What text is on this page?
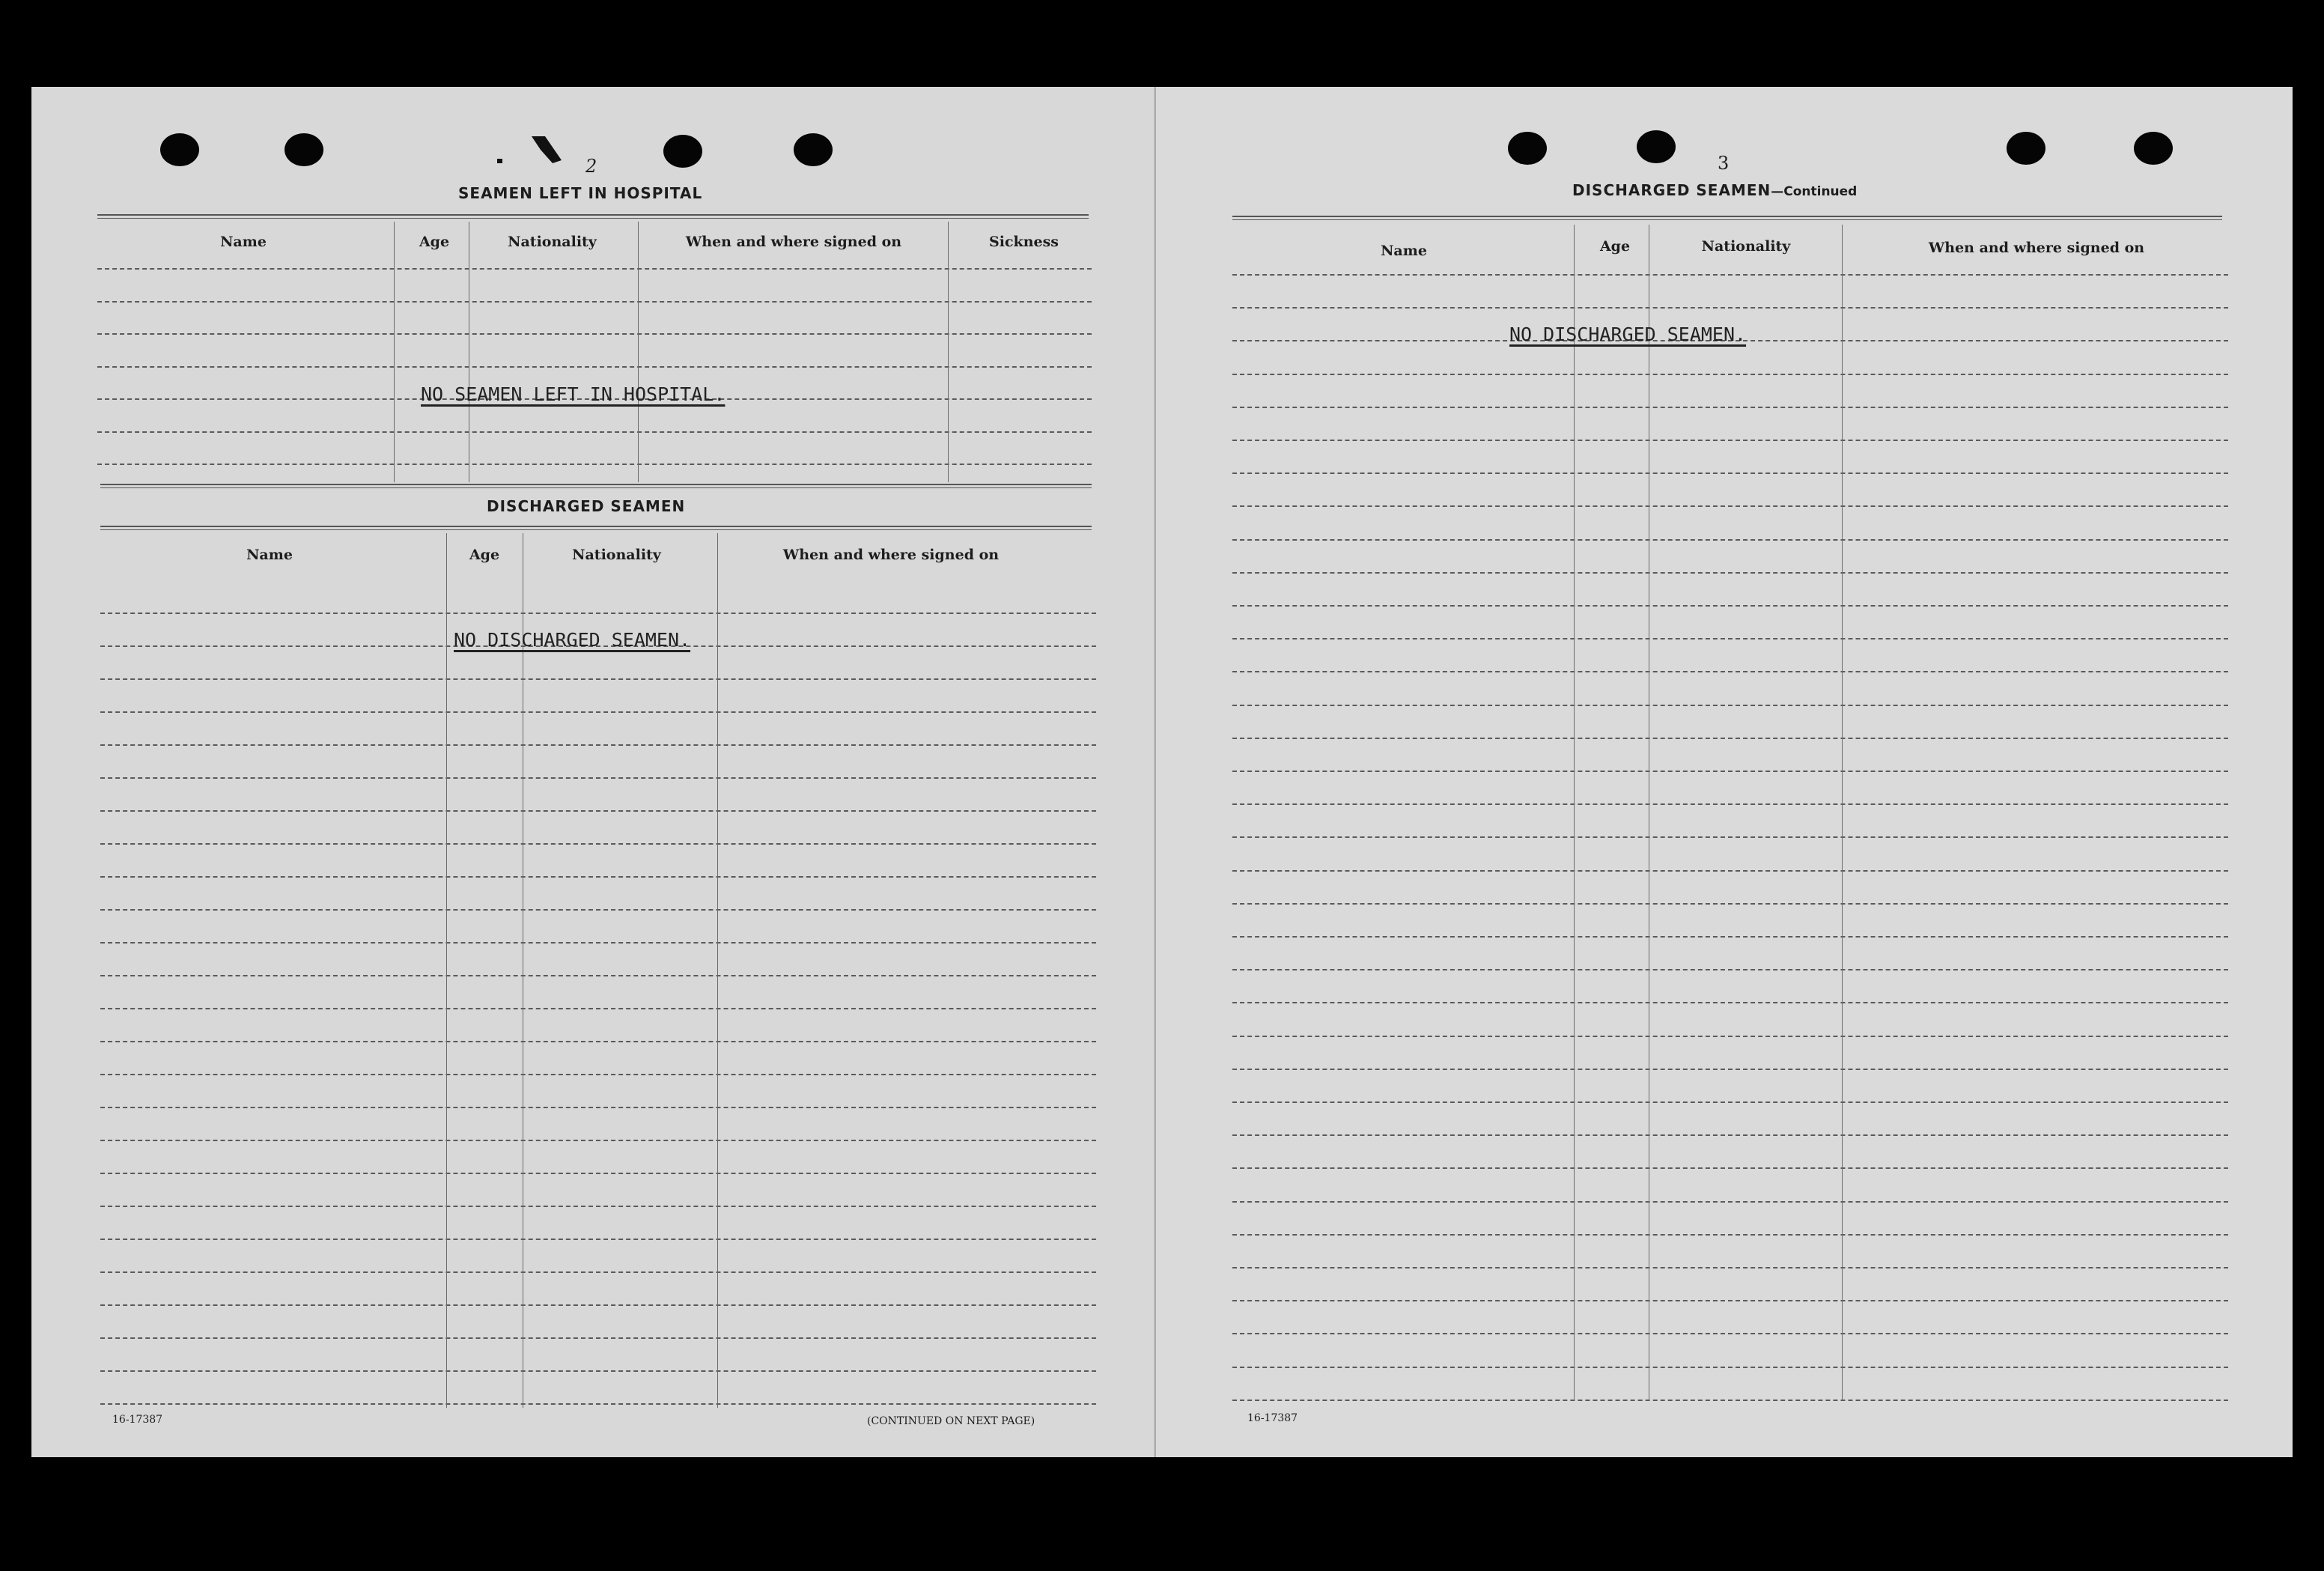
2
SEAMEN LEFT IN HOSPITAL
Name	Age	Nationality	When and where signed on	Sickness
NO SEAMEN LEFT IN HOSPITAL.
DISCHARGED SEAMEN
Name	Age	Nationality	When and where signed on
NO DISCHARGED SEAMEN.
16-17387	(CONTINUED ON NEXT PAGE)
3
DISCHARGED SEAMEN—Continued
Name	Age	Nationality	When and where signed on
NO DISCHARGED SEAMEN.
16-17387
